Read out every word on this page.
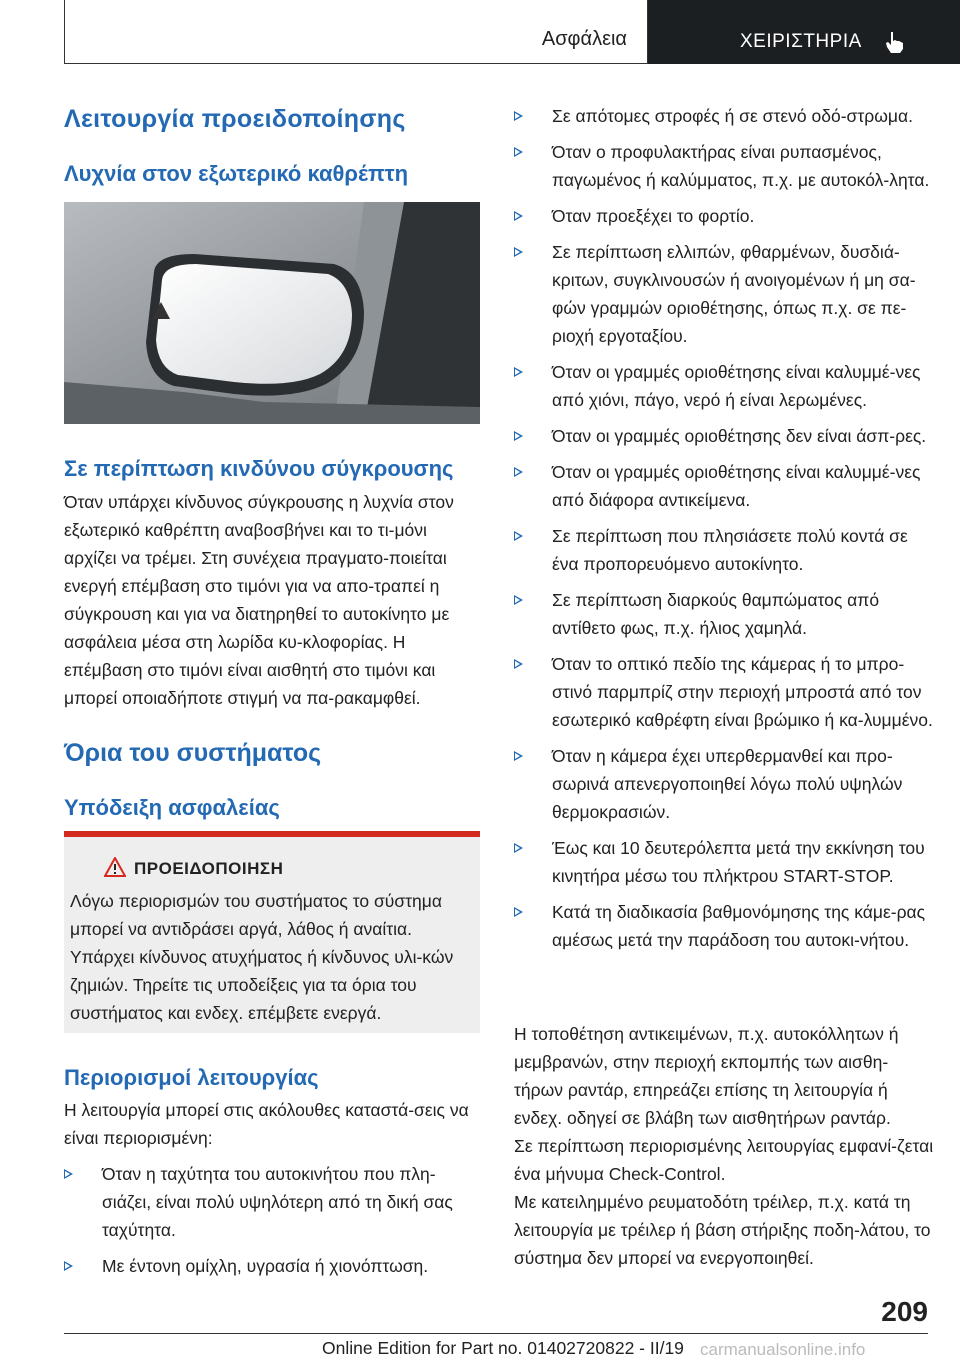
Ασφάλεια	ΧΕΙΡΙΣΤΗΡΙΑ
Λειτουργία προειδοποίησης
Λυχνία στον εξωτερικό καθρέπτη
Σε περίπτωση κινδύνου σύγκρουσης

Όταν υπάρχει κίνδυνος σύγκρουσης η λυχνία στον εξωτερικό καθρέπτη αναβοσβήνει και το τι-μόνι αρχίζει να τρέμει. Στη συνέχεια πραγματο-ποιείται ενεργή επέμβαση στο τιμόνι για να απο-τραπεί η σύγκρουση και για να διατηρηθεί το αυτοκίνητο με ασφάλεια μέσα στη λωρίδα κυ-κλοφορίας. Η επέμβαση στο τιμόνι είναι αισθητή στο τιμόνι και μπορεί οποιαδήποτε στιγμή να πα-ρακαμφθεί.

Όρια του συστήματος
Υπόδειξη ασφαλείας
ΠΡΟΕΙΔΟΠΟΙΗΣΗ

Λόγω περιορισμών του συστήματος το σύστημα μπορεί να αντιδράσει αργά, λάθος ή αναίτια. Υπάρχει κίνδυνος ατυχήματος ή κίνδυνος υλι-κών ζημιών. Τηρείτε τις υποδείξεις για τα όρια του συστήματος και ενδεχ. επέμβετε ενεργά.

Περιορισμοί λειτουργίας

Η λειτουργία μπορεί στις ακόλουθες καταστά-σεις να είναι περιορισμένη:

Όταν η ταχύτητα του αυτοκινήτου που πλη-σιάζει, είναι πολύ υψηλότερη από τη δική σας ταχύτητα.
Με έντονη ομίχλη, υγρασία ή χιονόπτωση.
Σε απότομες στροφές ή σε στενό οδό-στρωμα.
Όταν ο προφυλακτήρας είναι ρυπασμένος, παγωμένος ή καλύμματος, π.χ. με αυτοκόλ-λητα.
Όταν προεξέχει το φορτίο.
Σε περίπτωση ελλιπών, φθαρμένων, δυσδιά-κριτων, συγκλινουσών ή ανοιγομένων ή μη σα-φών γραμμών οριοθέτησης, όπως π.χ. σε πε-ριοχή εργοταξίου.
Όταν οι γραμμές οριοθέτησης είναι καλυμμέ-νες από χιόνι, πάγο, νερό ή είναι λερωμένες.
Όταν οι γραμμές οριοθέτησης δεν είναι άσπ-ρες.
Όταν οι γραμμές οριοθέτησης είναι καλυμμέ-νες από διάφορα αντικείμενα.
Σε περίπτωση που πλησιάσετε πολύ κοντά σε ένα προπορευόμενο αυτοκίνητο.
Σε περίπτωση διαρκούς θαμπώματος από αντίθετο φως, π.χ. ήλιος χαμηλά.
Όταν το οπτικό πεδίο της κάμερας ή το μπρο-στινό παρμπρίζ στην περιοχή μπροστά από τον εσωτερικό καθρέφτη είναι βρώμικο ή κα-λυμμένο.
Όταν η κάμερα έχει υπερθερμανθεί και προ-σωρινά απενεργοποιηθεί λόγω πολύ υψηλών θερμοκρασιών.
Έως και 10 δευτερόλεπτα μετά την εκκίνηση του κινητήρα μέσω του πλήκτρου START-STOP.
Κατά τη διαδικασία βαθμονόμησης της κάμε-ρας αμέσως μετά την παράδοση του αυτοκι-νήτου.

Η τοποθέτηση αντικειμένων, π.χ. αυτοκόλλητων ή μεμβρανών, στην περιοχή εκπομπής των αισθη-τήρων ραντάρ, επηρεάζει επίσης τη λειτουργία ή ενδεχ. οδηγεί σε βλάβη των αισθητήρων ραντάρ.

Σε περίπτωση περιορισμένης λειτουργίας εμφανί-ζεται ένα μήνυμα Check-Control.

Με κατειλημμένο ρευματοδότη τρέιλερ, π.χ. κατά τη λειτουργία με τρέιλερ ή βάση στήριξης ποδη-λάτου, το σύστημα δεν μπορεί να ενεργοποιηθεί.

209
Online Edition for Part no. 01402720822 - II/19 carmanualsonline.info
